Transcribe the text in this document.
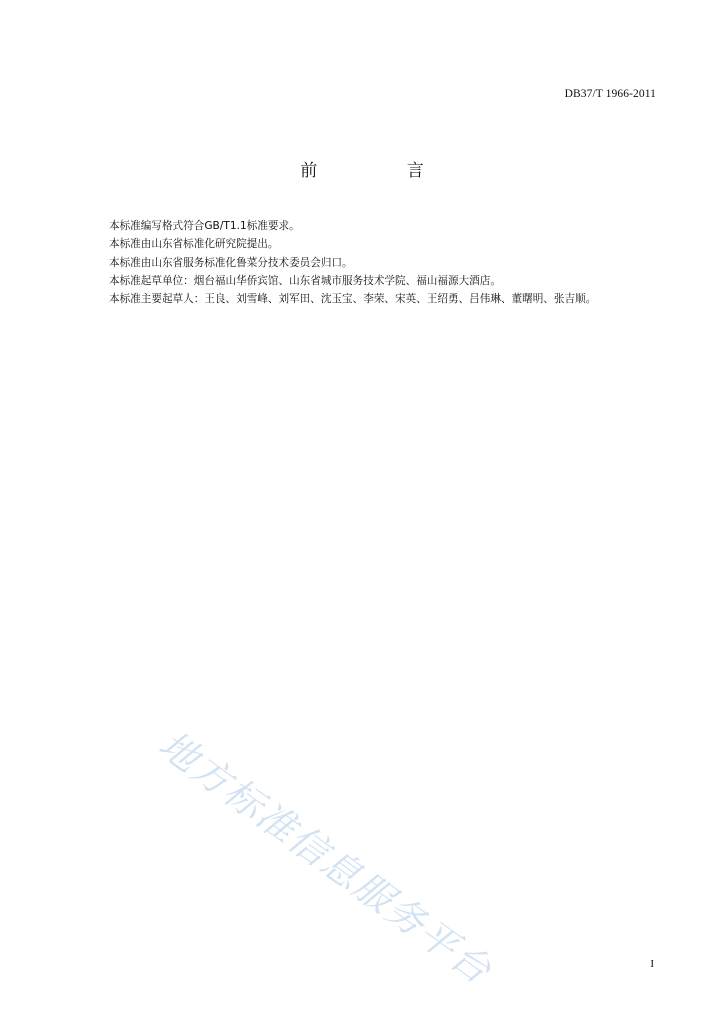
DB37/T 1966-2011
前 言

本标准编写格式符合GB/T1.1标准要求。

本标准由山东省标准化研究院提出。

本标准由山东省服务标准化鲁菜分技术委员会归口。

本标准起草单位：烟台福山华侨宾馆、山东省城市服务技术学院、福山福源大酒店。

本标准主要起草人：王良、刘雪峰、刘军田、沈玉宝、李荣、宋英、王绍勇、吕伟琳、董曙明、张吉顺。

地方标准信息服务平台	I
